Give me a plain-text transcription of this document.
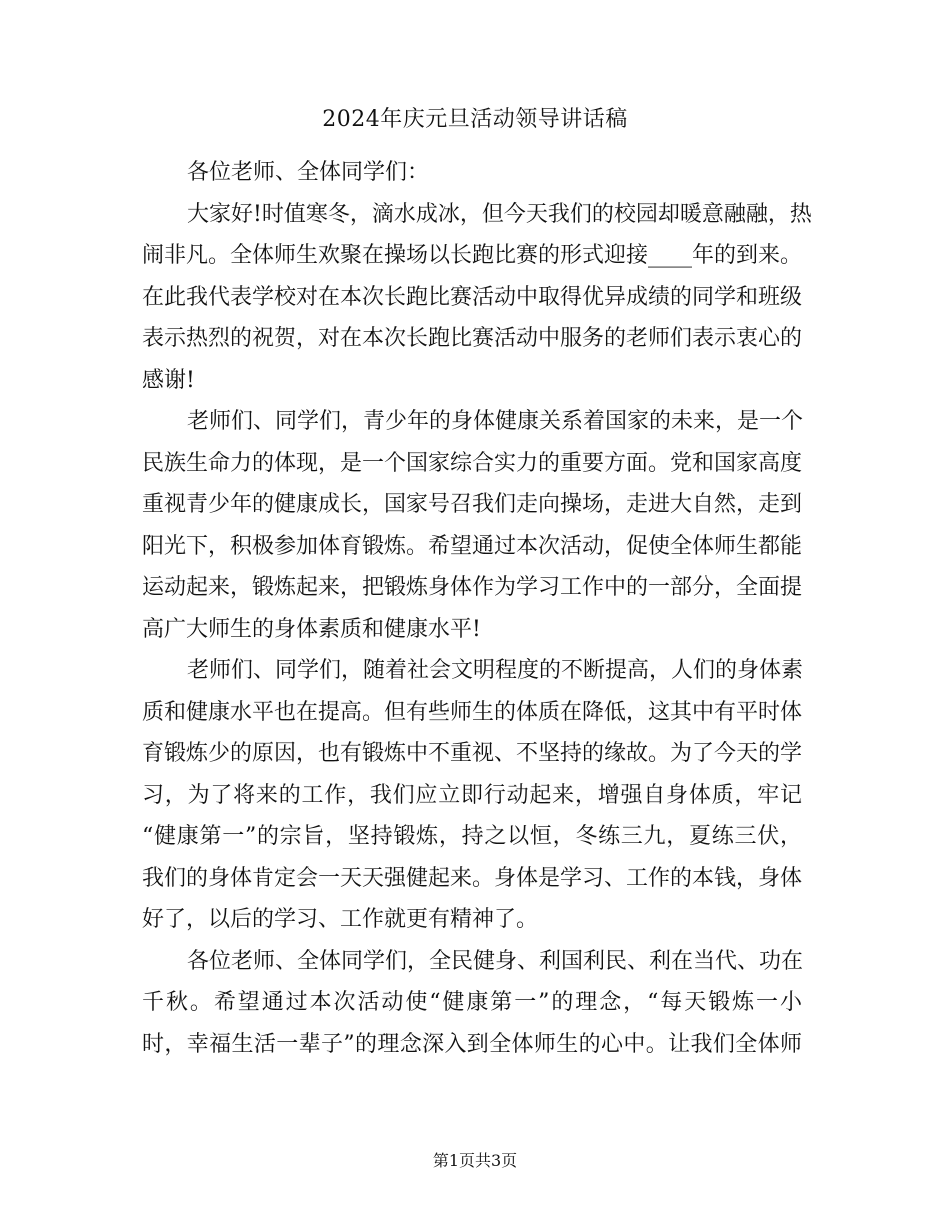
2024年庆元旦活动领导讲话稿

各位老师、全体同学们：

大家好!时值寒冬，滴水成冰，但今天我们的校园却暖意融融，热
闹非凡。全体师生欢聚在操场以长跑比赛的形式迎接____年的到来。
在此我代表学校对在本次长跑比赛活动中取得优异成绩的同学和班级
表示热烈的祝贺，对在本次长跑比赛活动中服务的老师们表示衷心的
感谢!

老师们、同学们，青少年的身体健康关系着国家的未来，是一个
民族生命力的体现，是一个国家综合实力的重要方面。党和国家高度
重视青少年的健康成长，国家号召我们走向操场，走进大自然，走到
阳光下，积极参加体育锻炼。希望通过本次活动，促使全体师生都能
运动起来，锻炼起来，把锻炼身体作为学习工作中的一部分，全面提
高广大师生的身体素质和健康水平!

老师们、同学们，随着社会文明程度的不断提高，人们的身体素
质和健康水平也在提高。但有些师生的体质在降低，这其中有平时体
育锻炼少的原因，也有锻炼中不重视、不坚持的缘故。为了今天的学
习，为了将来的工作，我们应立即行动起来，增强自身体质，牢记
“健康第一”的宗旨，坚持锻炼，持之以恒，冬练三九，夏练三伏，
我们的身体肯定会一天天强健起来。身体是学习、工作的本钱，身体
好了，以后的学习、工作就更有精神了。

各位老师、全体同学们，全民健身、利国利民、利在当代、功在
千秋。希望通过本次活动使“健康第一”的理念，“每天锻炼一小
时，幸福生活一辈子”的理念深入到全体师生的心中。让我们全体师

第1页共3页
